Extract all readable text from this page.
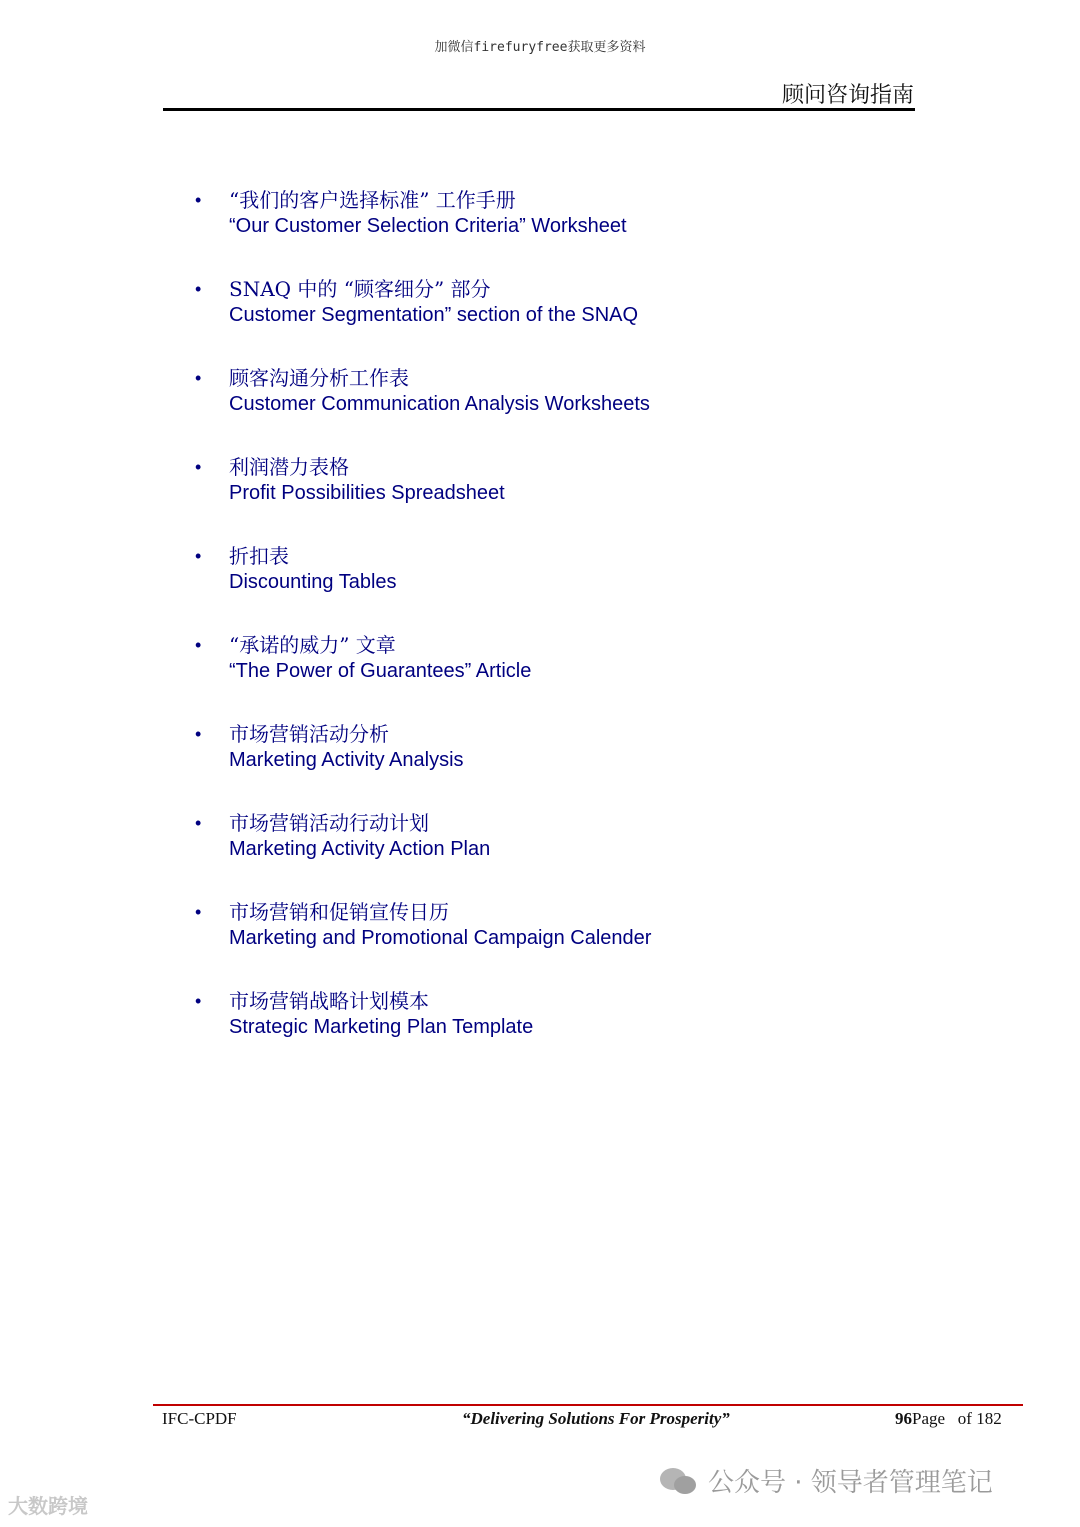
加微信firefuryfree获取更多资料
顾问咨询指南
• “我们的客户选择标准” 工作手册
“Our Customer Selection Criteria” Worksheet
• SNAQ 中的 “顾客细分” 部分
Customer Segmentation” section of the SNAQ
• 顾客沟通分析工作表
Customer Communication Analysis Worksheets
• 利润潜力表格
Profit Possibilities Spreadsheet
• 折扣表
Discounting Tables
• “承诺的威力” 文章
“The Power of Guarantees” Article
• 市场营销活动分析
Marketing Activity Analysis
• 市场营销活动行动计划
Marketing Activity Action Plan
• 市场营销和促销宣传日历
Marketing and Promotional Campaign Calender
• 市场营销战略计划模本
Strategic Marketing Plan Template
IFC-CPDF	“Delivering Solutions For Prosperity”	96Page of 182
公众号 · 领导者管理笔记
大数跨境
